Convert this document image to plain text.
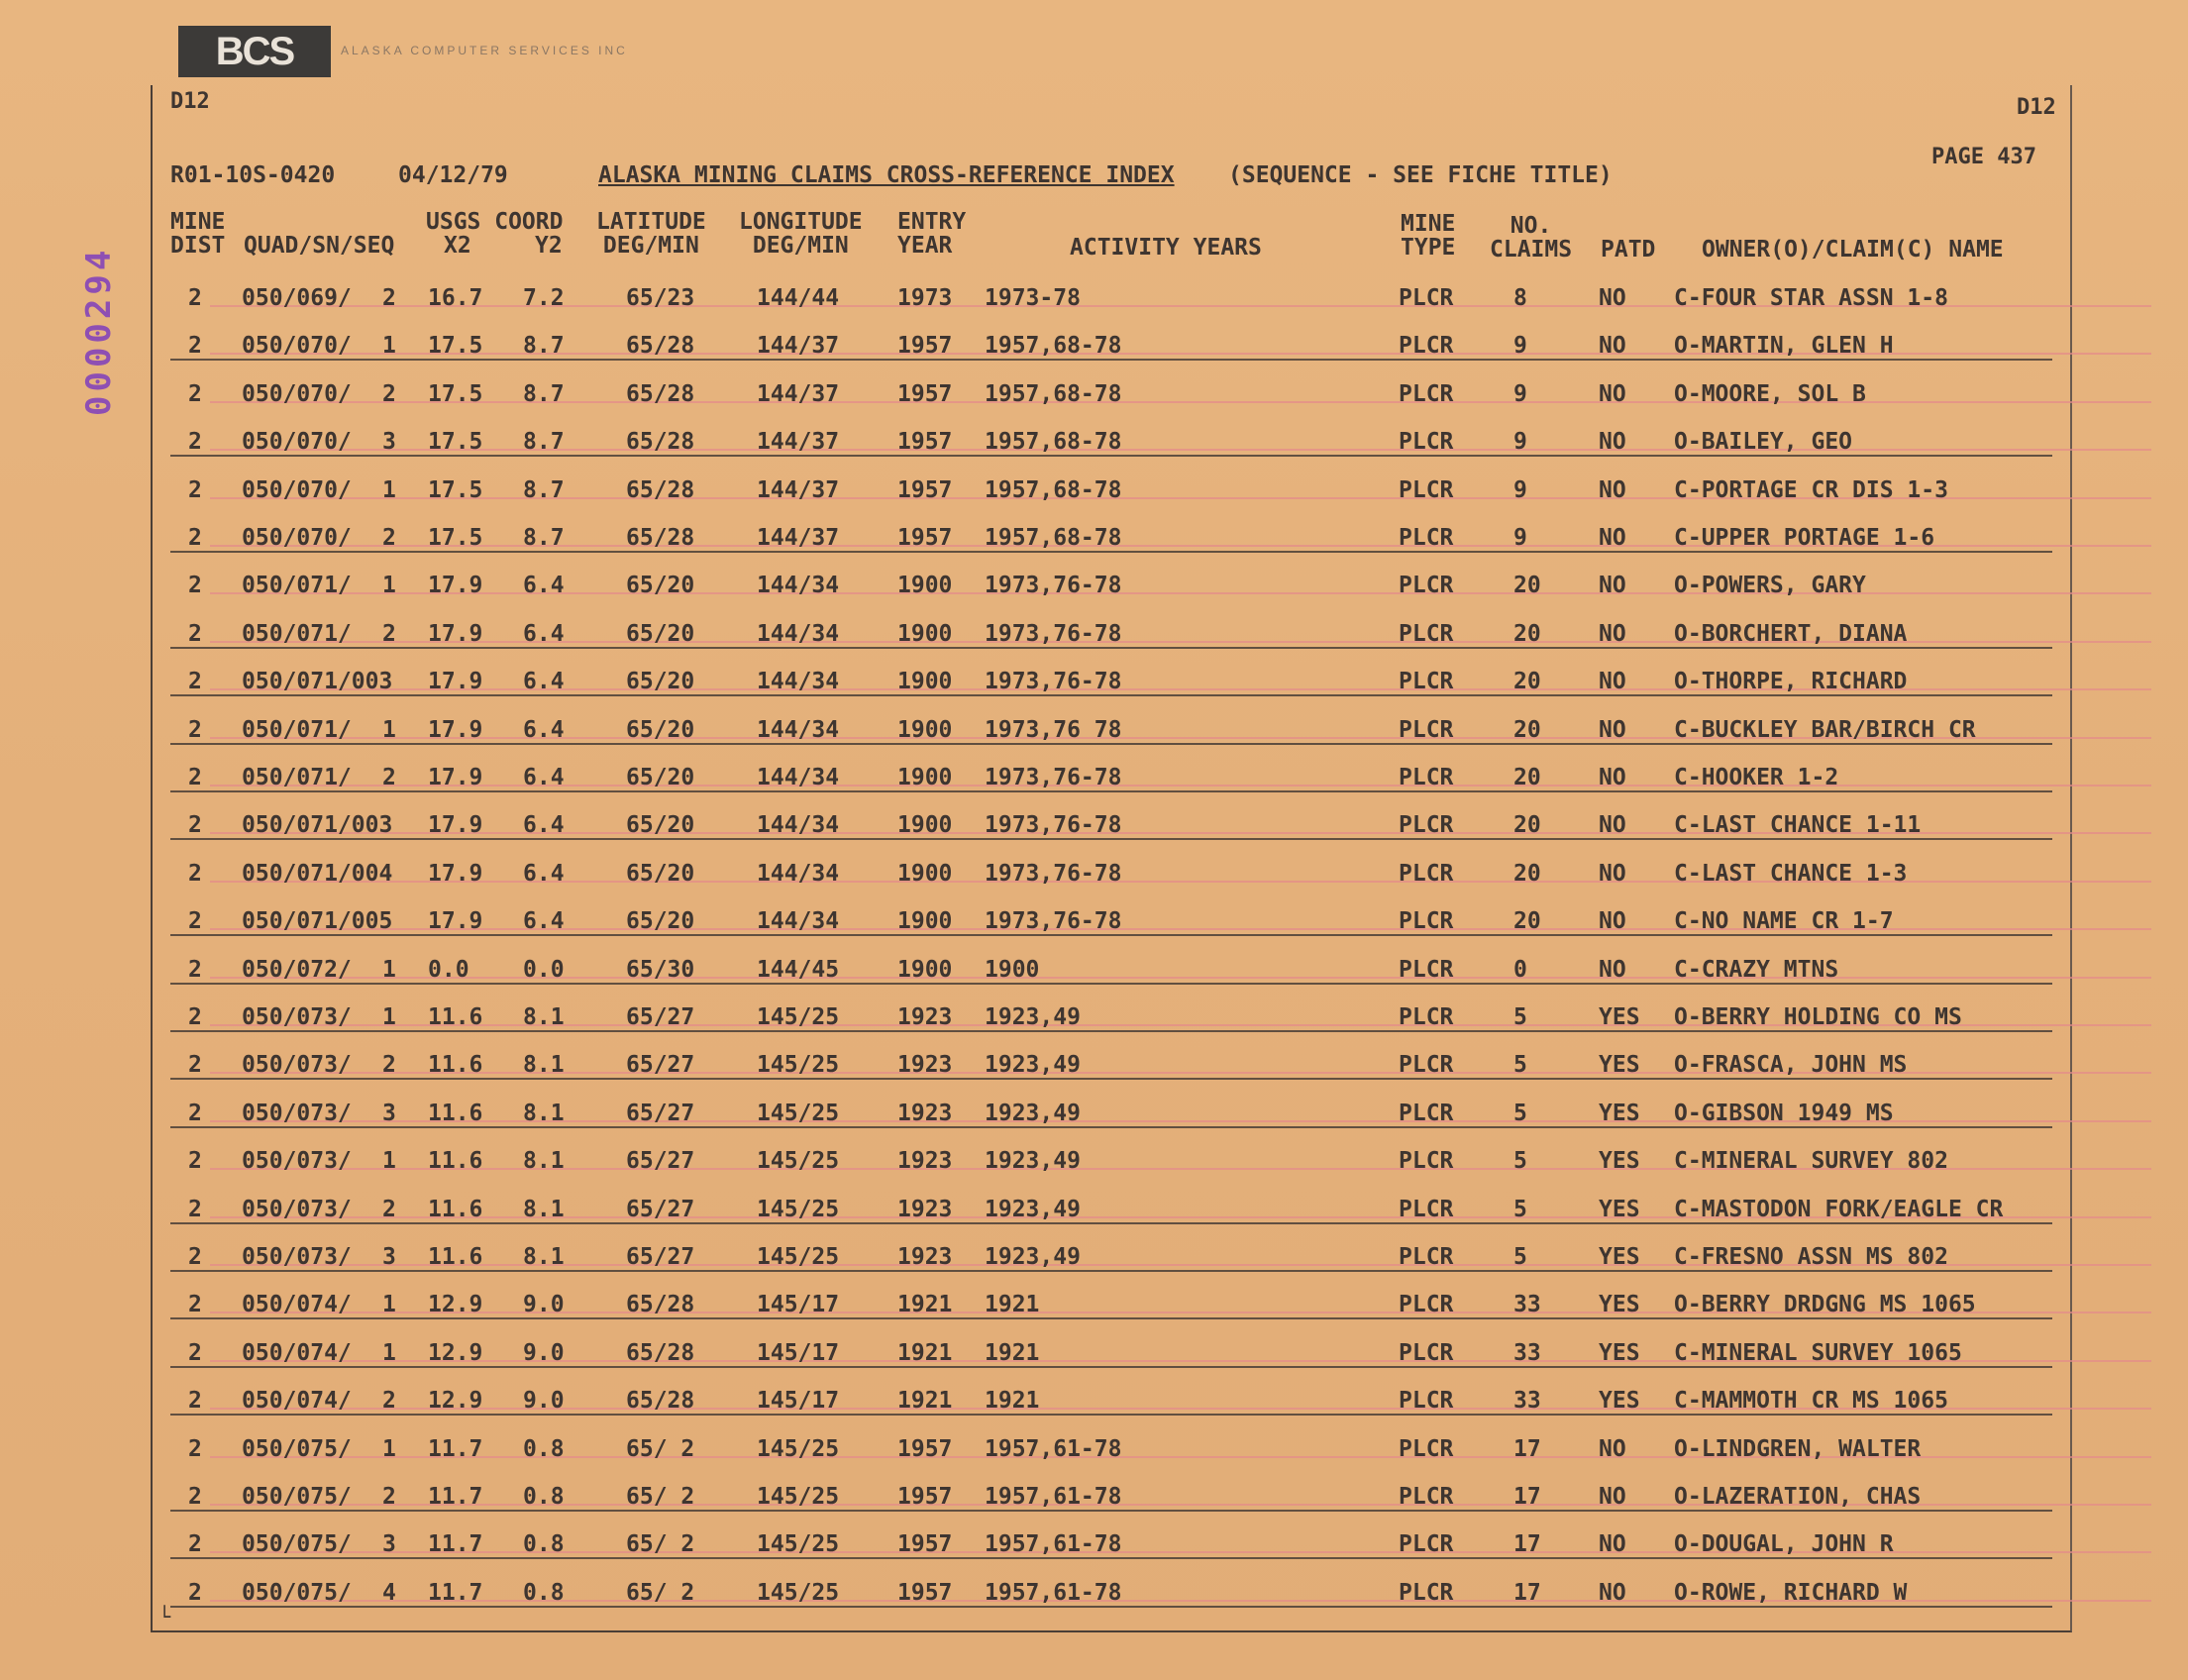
BCS	ALASKA COMPUTER SERVICES INC
0000294
D12	D12
PAGE 437
└
R01-10S-0420	04/12/79	ALASKA MINING CLAIMS CROSS-REFERENCE INDEX (SEQUENCE - SEE FICHE TITLE)
MINE
DIST QUAD/SN/SEQ
USGS COORD
X2	Y2
LATITUDE
DEG/MIN
LONGITUDE
DEG/MIN
ENTRY
YEAR	ACTIVITY YEARS
MINE
TYPE
NO.
CLAIMS PATD OWNER(O)/CLAIM(C) NAME
2 050/069/ 2 16.7 7.2	65/23	144/44	1973 1973-78	PLCR	8	NO C-FOUR STAR ASSN 1-8
2 050/070/ 1 17.5 8.7	65/28	144/37	1957 1957,68-78	PLCR	9	NO O-MARTIN, GLEN H
2 050/070/ 2 17.5 8.7	65/28	144/37	1957 1957,68-78	PLCR	9	NO O-MOORE, SOL B
2 050/070/ 3 17.5 8.7	65/28	144/37	1957 1957,68-78	PLCR	9	NO O-BAILEY, GEO
2 050/070/ 1 17.5 8.7	65/28	144/37	1957 1957,68-78	PLCR	9	NO C-PORTAGE CR DIS 1-3
2 050/070/ 2 17.5 8.7	65/28	144/37	1957 1957,68-78	PLCR	9	NO C-UPPER PORTAGE 1-6
2 050/071/ 1 17.9 6.4	65/20	144/34	1900 1973,76-78	PLCR	20	NO O-POWERS, GARY
2 050/071/ 2 17.9 6.4	65/20	144/34	1900 1973,76-78	PLCR	20	NO O-BORCHERT, DIANA
2 050/071/003 17.9 6.4	65/20	144/34	1900 1973,76-78	PLCR	20	NO O-THORPE, RICHARD
2 050/071/ 1 17.9 6.4	65/20	144/34	1900 1973,76 78	PLCR	20	NO C-BUCKLEY BAR/BIRCH CR
2 050/071/ 2 17.9 6.4	65/20	144/34	1900 1973,76-78	PLCR	20	NO C-HOOKER 1-2
2 050/071/003 17.9 6.4	65/20	144/34	1900 1973,76-78	PLCR	20	NO C-LAST CHANCE 1-11
2 050/071/004 17.9 6.4	65/20	144/34	1900 1973,76-78	PLCR	20	NO C-LAST CHANCE 1-3
2 050/071/005 17.9 6.4	65/20	144/34	1900 1973,76-78	PLCR	20	NO C-NO NAME CR 1-7
2 050/072/ 1 0.0 0.0	65/30	144/45	1900 1900	PLCR	0	NO C-CRAZY MTNS
2 050/073/ 1 11.6 8.1	65/27	145/25	1923 1923,49	PLCR	5	YES O-BERRY HOLDING CO MS
2 050/073/ 2 11.6 8.1	65/27	145/25	1923 1923,49	PLCR	5	YES O-FRASCA, JOHN MS
2 050/073/ 3 11.6 8.1	65/27	145/25	1923 1923,49	PLCR	5	YES O-GIBSON 1949 MS
2 050/073/ 1 11.6 8.1	65/27	145/25	1923 1923,49	PLCR	5	YES C-MINERAL SURVEY 802
2 050/073/ 2 11.6 8.1	65/27	145/25	1923 1923,49	PLCR	5	YES C-MASTODON FORK/EAGLE CR
2 050/073/ 3 11.6 8.1	65/27	145/25	1923 1923,49	PLCR	5	YES C-FRESNO ASSN MS 802
2 050/074/ 1 12.9 9.0	65/28	145/17	1921 1921	PLCR	33	YES O-BERRY DRDGNG MS 1065
2 050/074/ 1 12.9 9.0	65/28	145/17	1921 1921	PLCR	33	YES C-MINERAL SURVEY 1065
2 050/074/ 2 12.9 9.0	65/28	145/17	1921 1921	PLCR	33	YES C-MAMMOTH CR MS 1065
2 050/075/ 1 11.7 0.8	65/ 2	145/25	1957 1957,61-78	PLCR	17	NO O-LINDGREN, WALTER
2 050/075/ 2 11.7 0.8	65/ 2	145/25	1957 1957,61-78	PLCR	17	NO O-LAZERATION, CHAS
2 050/075/ 3 11.7 0.8	65/ 2	145/25	1957 1957,61-78	PLCR	17	NO O-DOUGAL, JOHN R
2 050/075/ 4 11.7 0.8	65/ 2	145/25	1957 1957,61-78	PLCR	17	NO O-ROWE, RICHARD W
